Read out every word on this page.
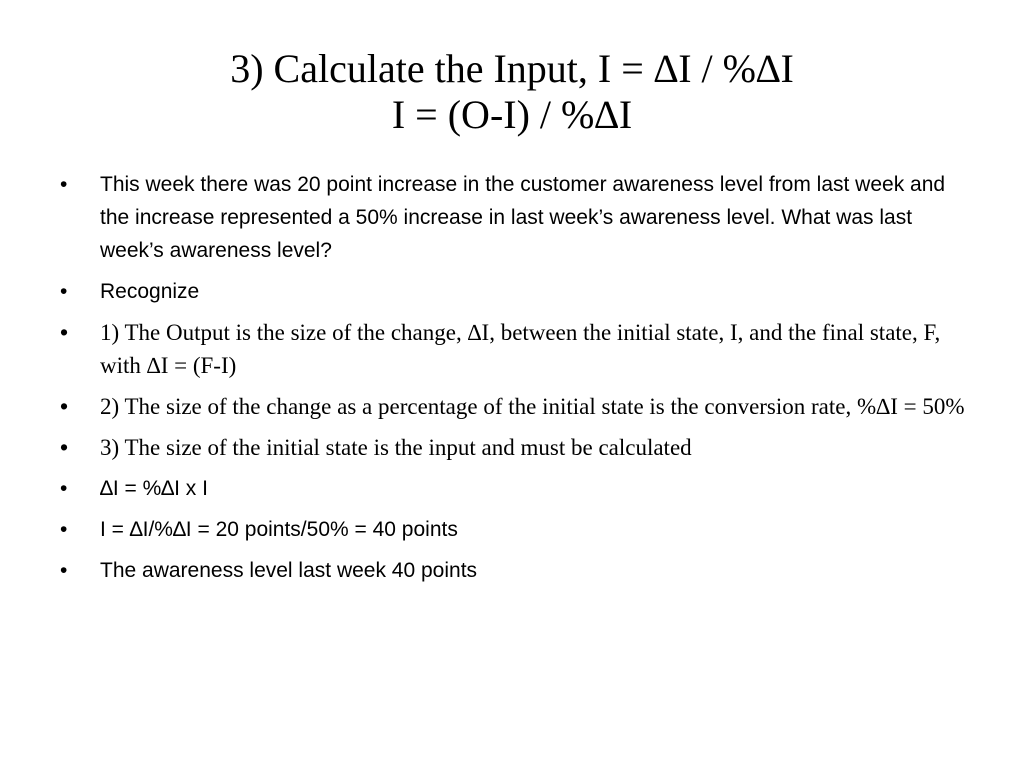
3) Calculate the Input, I = ∆I / %∆I
I = (O-I) / %∆I
• This week there was 20 point increase in the customer awareness level from last week and the increase represented a 50% increase in last week’s awareness level. What was last week’s awareness level?
• Recognize
• 1) The Output is the size of the change, ∆I, between the initial state, I, and the final state, F, with ∆I = (F-I)
• 2) The size of the change as a percentage of the initial state is the conversion rate, %∆I = 50%
• 3) The size of the initial state is the input and must be calculated
• ∆I = %∆I x I
• I = ∆I/%∆I = 20 points/50% = 40 points
• The awareness level last week 40 points
